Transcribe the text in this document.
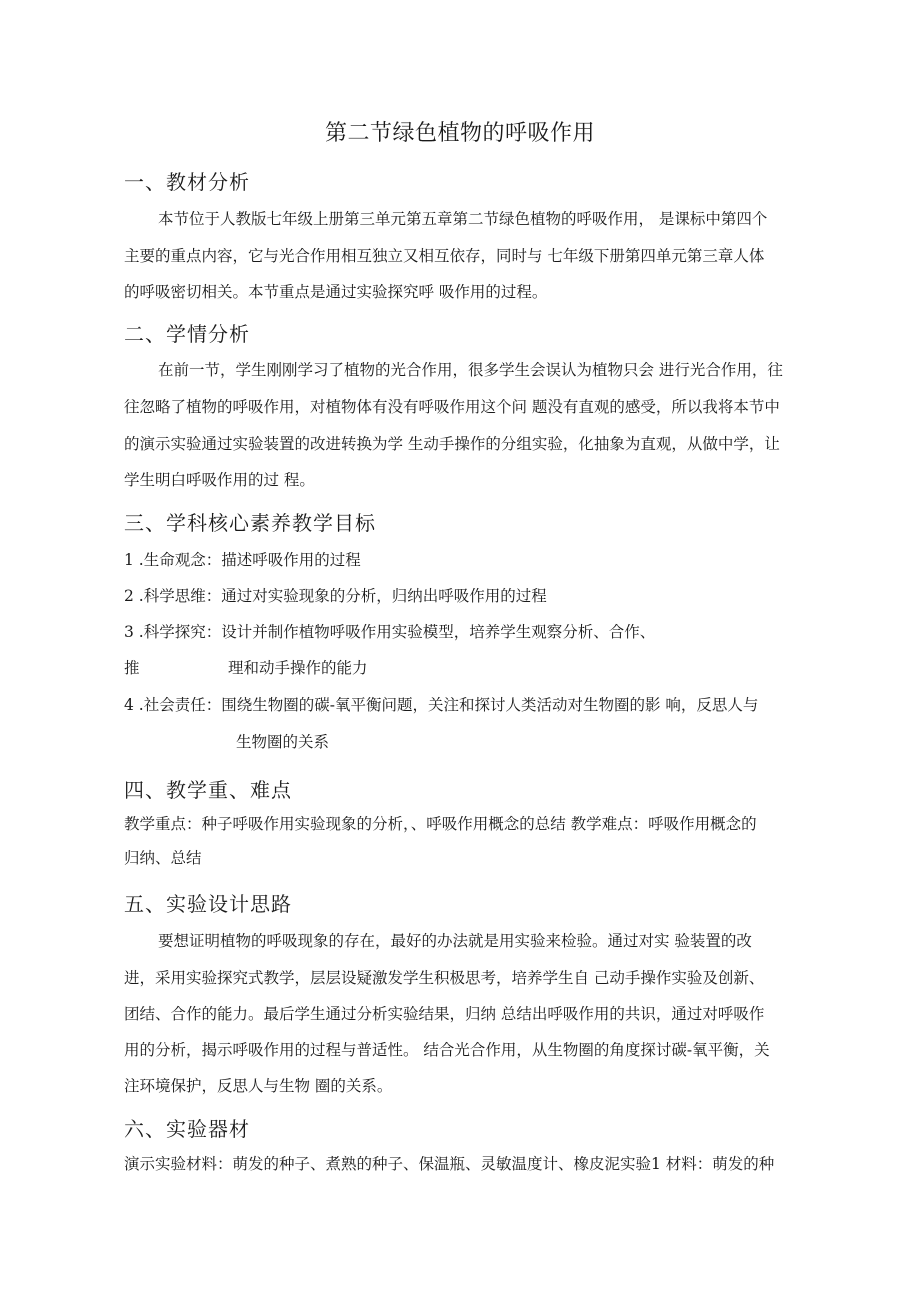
第二节绿色植物的呼吸作用
一、教材分析
本节位于人教版七年级上册第三单元第五章第二节绿色植物的呼吸作用， 是课标中第四个
主要的重点内容，它与光合作用相互独立又相互依存，同时与 七年级下册第四单元第三章人体
的呼吸密切相关。本节重点是通过实验探究呼 吸作用的过程。
二、学情分析
在前一节，学生刚刚学习了植物的光合作用，很多学生会误认为植物只会 进行光合作用，往
往忽略了植物的呼吸作用，对植物体有没有呼吸作用这个问 题没有直观的感受，所以我将本节中
的演示实验通过实验装置的改进转换为学 生动手操作的分组实验，化抽象为直观，从做中学，让
学生明白呼吸作用的过 程。
三、学科核心素养教学目标
1 .生命观念：描述呼吸作用的过程
2 .科学思维：通过对实验现象的分析，归纳出呼吸作用的过程
3 .科学探究：设计并制作植物呼吸作用实验模型，培养学生观察分析、合作、
推	理和动手操作的能力
4 .社会责任：围绕生物圈的碳-氧平衡问题，关注和探讨人类活动对生物圈的影 响，反思人与
生物圈的关系
四、教学重、难点
教学重点：种子呼吸作用实验现象的分析，、呼吸作用概念的总结 教学难点：呼吸作用概念的
归纳、总结
五、实验设计思路
要想证明植物的呼吸现象的存在，最好的办法就是用实验来检验。通过对实 验装置的改
进，采用实验探究式教学，层层设疑激发学生积极思考，培养学生自 己动手操作实验及创新、
团结、合作的能力。最后学生通过分析实验结果，归纳 总结出呼吸作用的共识，通过对呼吸作
用的分析，揭示呼吸作用的过程与普适性。 结合光合作用，从生物圈的角度探讨碳-氧平衡，关
注环境保护，反思人与生物 圈的关系。
六、实验器材
演示实验材料：萌发的种子、煮熟的种子、保温瓶、灵敏温度计、橡皮泥实验1 材料：萌发的种
